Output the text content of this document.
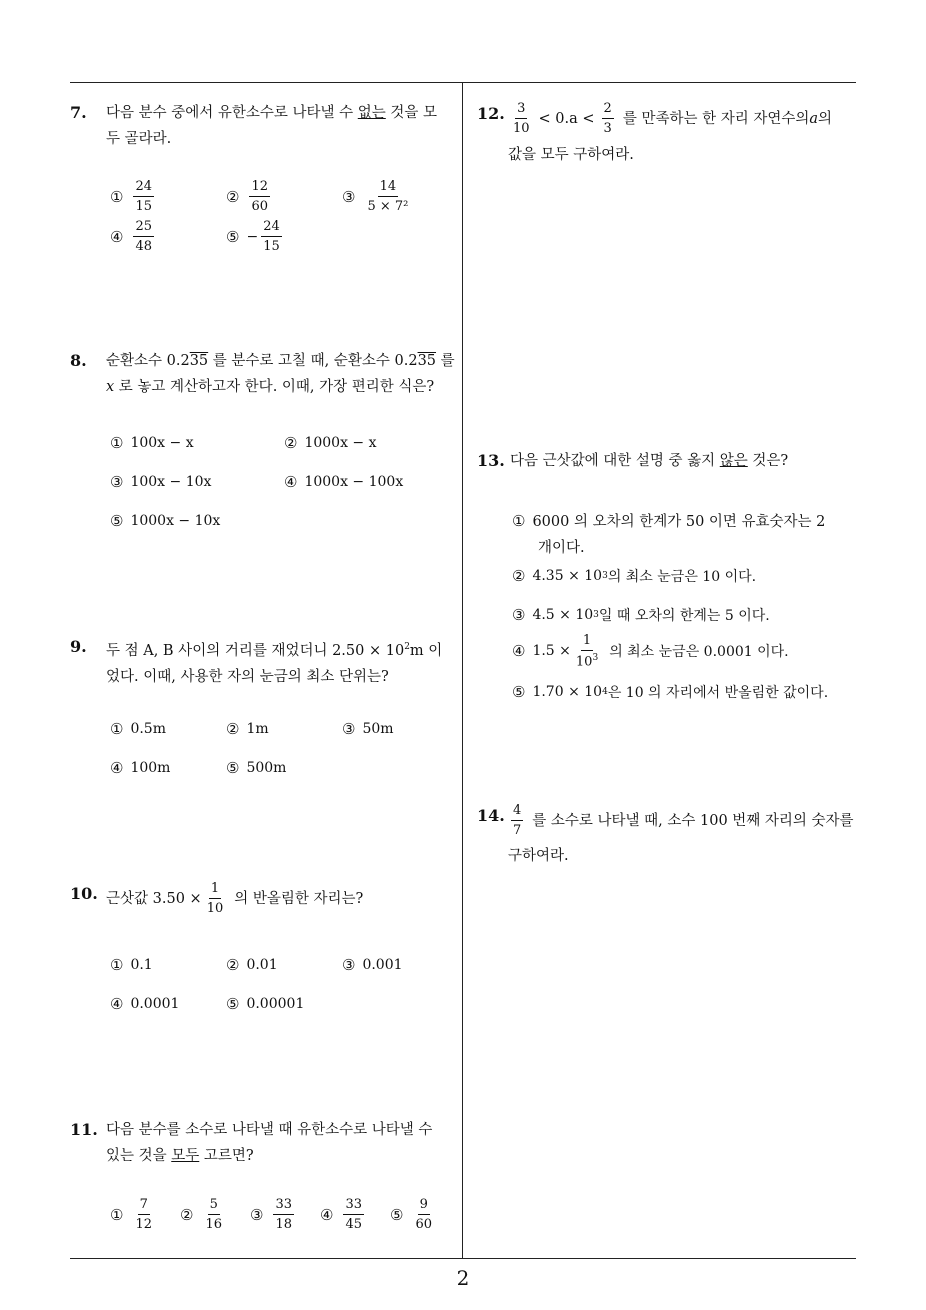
7. 다음 분수 중에서 유한소수로 나타낼 수 없는 것을 모
두 골라라.
① $\frac{24}{15}$	② $\frac{12}{60}$	③ $\frac{14}{\text{5 × 7²}}$
④ $\frac{25}{48}$	⑤ − $\frac{24}{15}$
8. 순환소수 0.235 를 분수로 고칠 때, 순환소수 0.235 를
x 로 놓고 계산하고자 한다. 이때, 가장 편리한 식은?
① 100x − x	② 1000x − x
③ 100x − 10x	④ 1000x − 100x
⑤ 1000x − 10x
9. 두 점 A, B 사이의 거리를 재었더니 $2.50 \times 10^2m$ 이
었다. 이때, 사용한 자의 눈금의 최소 단위는?
① 0.5m	② 1m	③ 50m
④ 100m	⑤ 500m
10. 근삿값 $3.50 \times \frac{1}{10}$ 의 반올림한 자리는?
① 0.1	② 0.01	③ 0.001
④ 0.0001	⑤ 0.00001
11. 다음 분수를 소수로 나타낼 때 유한소수로 나타낼 수
있는 것을 모두 고르면?
① $\frac{7}{12}$ ② $\frac{5}{16}$ ③ $\frac{33}{18}$ ④ $\frac{33}{45}$ ⑤ $\frac{9}{60}$
12. $\frac{3}{10} < 0.a < \frac{2}{3}$ 를 만족하는 한 자리 자연수의 a 의
값을 모두 구하여라.
13. 다음 근삿값에 대한 설명 중 옳지 않은 것은?
① 6000 의 오차의 한계가 50 이면 유효숫자는 2
개이다.
② 4.35 × 10 3 의 최소 눈금은 10 이다.
③ 4.5 × 10 3 일 때 오차의 한계는 5 이다.
④ $1.5 \times \frac{1}{10^3}$ 의 최소 눈금은 0.0001 이다.
⑤ 1.70 × 10 4 은 10 의 자리에서 반올림한 값이다.
14. $\frac{4}{7}$ 를 소수로 나타낼 때, 소수 100 번째 자리의 숫자를
구하여라.
2
